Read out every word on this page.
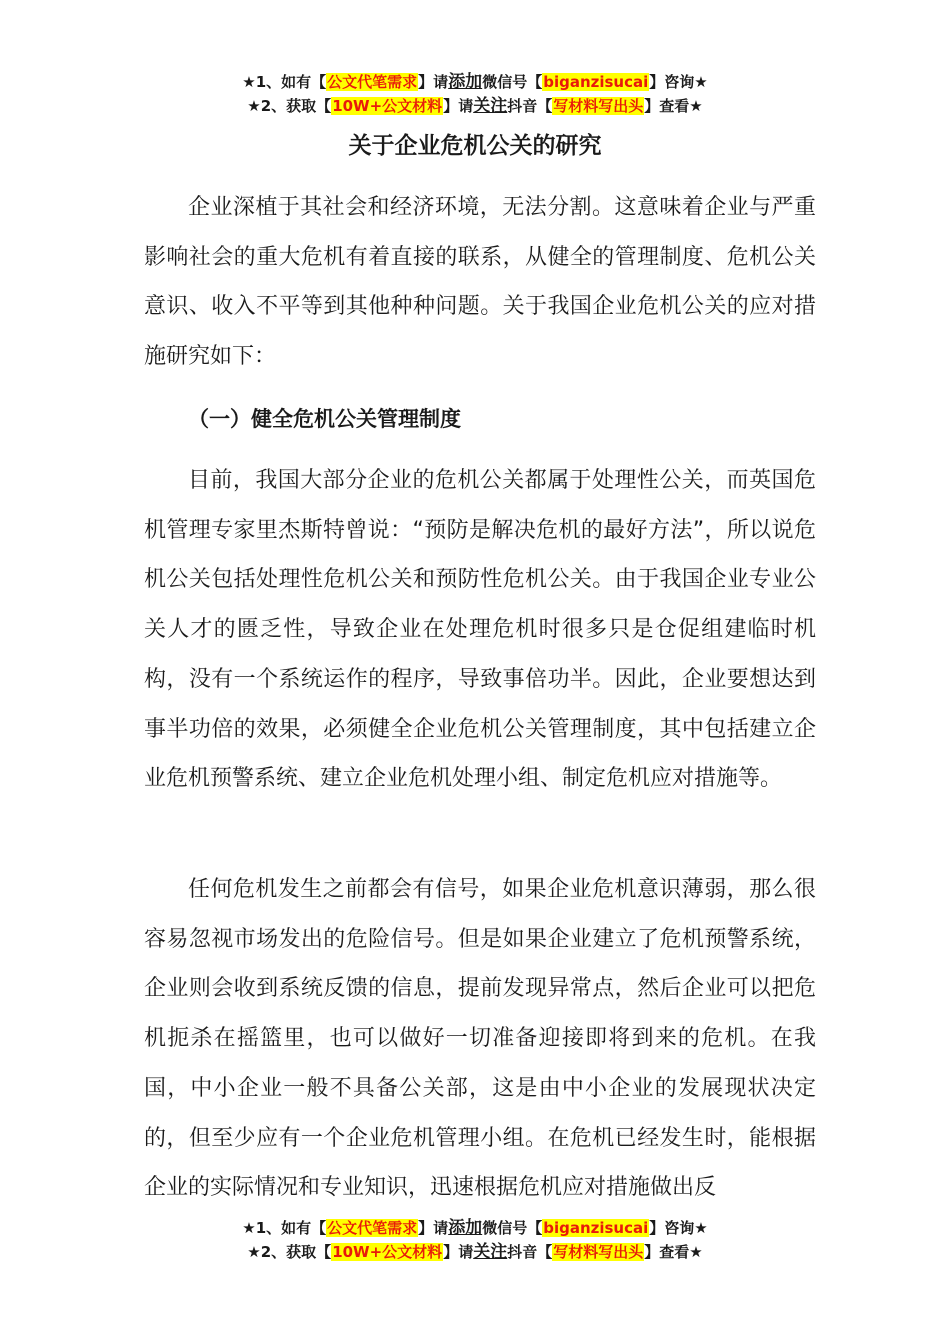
★1、如有【公文代笔需求】请添加微信号【biganzisucai】咨询★
★2、获取【10W+公文材料】请关注抖音【写材料写出头】查看★
关于企业危机公关的研究

企业深植于其社会和经济环境，无法分割。这意味着企业与严重影响社会的重大危机有着直接的联系，从健全的管理制度、危机公关意识、收入不平等到其他种种问题。关于我国企业危机公关的应对措施研究如下：

（一）健全危机公关管理制度

目前，我国大部分企业的危机公关都属于处理性公关，而英国危机管理专家里杰斯特曾说：“预防是解决危机的最好方法”，所以说危机公关包括处理性危机公关和预防性危机公关。由于我国企业专业公关人才的匮乏性，导致企业在处理危机时很多只是仓促组建临时机构，没有一个系统运作的程序，导致事倍功半。因此，企业要想达到事半功倍的效果，必须健全企业危机公关管理制度，其中包括建立企业危机预警系统、建立企业危机处理小组、制定危机应对措施等。

任何危机发生之前都会有信号，如果企业危机意识薄弱，那么很容易忽视市场发出的危险信号。但是如果企业建立了危机预警系统，企业则会收到系统反馈的信息，提前发现异常点，然后企业可以把危机扼杀在摇篮里，也可以做好一切准备迎接即将到来的危机。在我国，中小企业一般不具备公关部，这是由中小企业的发展现状决定的，但至少应有一个企业危机管理小组。在危机已经发生时，能根据企业的实际情况和专业知识，迅速根据危机应对措施做出反

★1、如有【公文代笔需求】请添加微信号【biganzisucai】咨询★
★2、获取【10W+公文材料】请关注抖音【写材料写出头】查看★
